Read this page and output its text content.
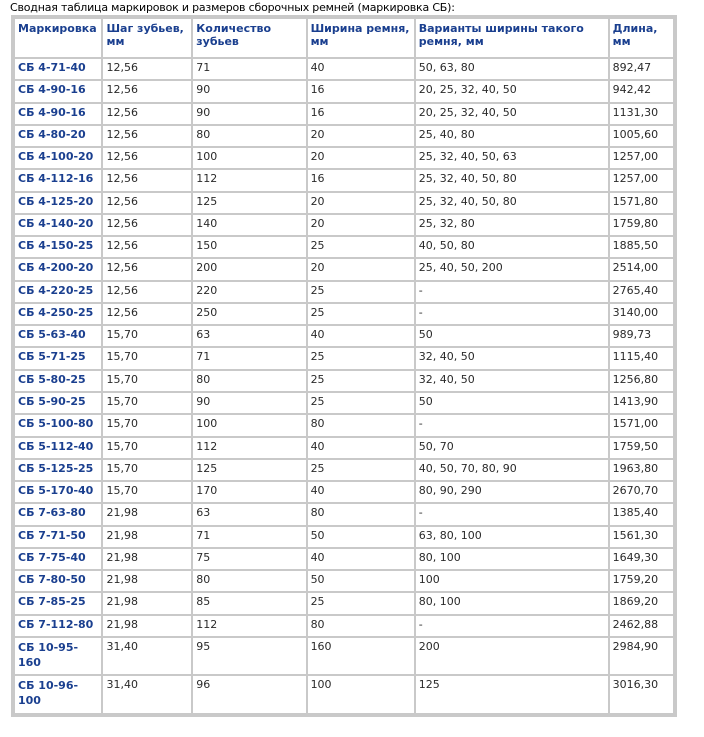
Сводная таблица маркировок и размеров сборочных ремней (маркировка СБ):
Маркировка	Шаг зубьев, мм	Количество зубьев	Ширина ремня, мм	Варианты ширины такого ремня, мм	Длина, мм
СБ 4-71-40	12,56	71	40	50, 63, 80	892,47
СБ 4-90-16	12,56	90	16	20, 25, 32, 40, 50	942,42
СБ 4-90-16	12,56	90	16	20, 25, 32, 40, 50	1131,30
СБ 4-80-20	12,56	80	20	25, 40, 80	1005,60
СБ 4-100-20	12,56	100	20	25, 32, 40, 50, 63	1257,00
СБ 4-112-16	12,56	112	16	25, 32, 40, 50, 80	1257,00
СБ 4-125-20	12,56	125	20	25, 32, 40, 50, 80	1571,80
СБ 4-140-20	12,56	140	20	25, 32, 80	1759,80
СБ 4-150-25	12,56	150	25	40, 50, 80	1885,50
СБ 4-200-20	12,56	200	20	25, 40, 50, 200	2514,00
СБ 4-220-25	12,56	220	25	-	2765,40
СБ 4-250-25	12,56	250	25	-	3140,00
СБ 5-63-40	15,70	63	40	50	989,73
СБ 5-71-25	15,70	71	25	32, 40, 50	1115,40
СБ 5-80-25	15,70	80	25	32, 40, 50	1256,80
СБ 5-90-25	15,70	90	25	50	1413,90
СБ 5-100-80	15,70	100	80	-	1571,00
СБ 5-112-40	15,70	112	40	50, 70	1759,50
СБ 5-125-25	15,70	125	25	40, 50, 70, 80, 90	1963,80
СБ 5-170-40	15,70	170	40	80, 90, 290	2670,70
СБ 7-63-80	21,98	63	80	-	1385,40
СБ 7-71-50	21,98	71	50	63, 80, 100	1561,30
СБ 7-75-40	21,98	75	40	80, 100	1649,30
СБ 7-80-50	21,98	80	50	100	1759,20
СБ 7-85-25	21,98	85	25	80, 100	1869,20
СБ 7-112-80	21,98	112	80	-	2462,88
СБ 10-95-160	31,40	95	160	200	2984,90
СБ 10-96-100	31,40	96	100	125	3016,30
